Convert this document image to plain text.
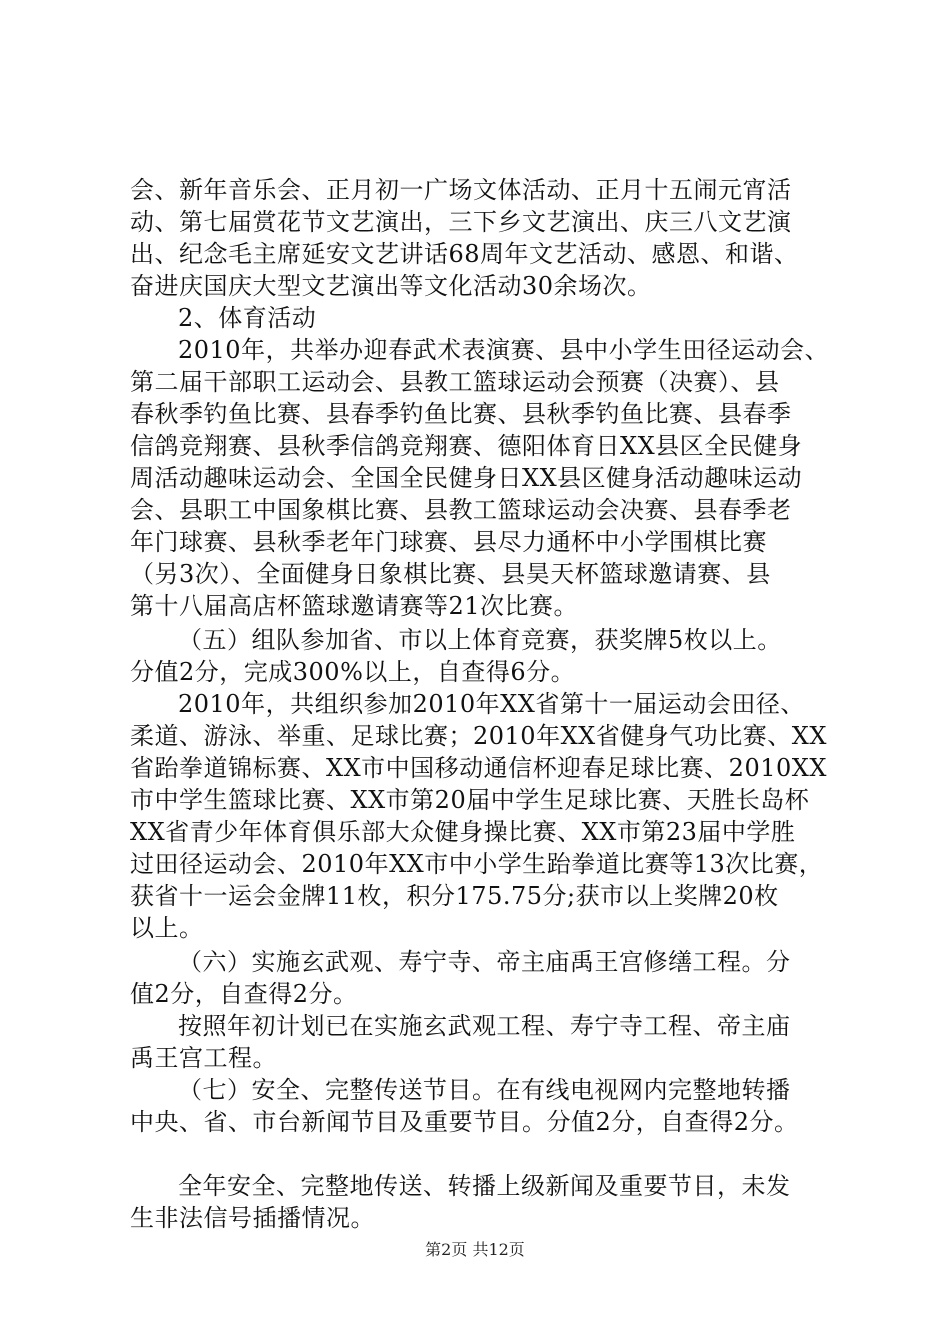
会、新年音乐会、正月初一广场文体活动、正月十五闹元宵活
动、第七届赏花节文艺演出，三下乡文艺演出、庆三八文艺演
出、纪念毛主席延安文艺讲话68周年文艺活动、感恩、和谐、
奋进庆国庆大型文艺演出等文化活动30余场次。
2、体育活动
2010年，共举办迎春武术表演赛、县中小学生田径运动会、
第二届干部职工运动会、县教工篮球运动会预赛（决赛）、县
春秋季钓鱼比赛、县春季钓鱼比赛、县秋季钓鱼比赛、县春季
信鸽竞翔赛、县秋季信鸽竞翔赛、德阳体育日XX县区全民健身
周活动趣味运动会、全国全民健身日XX县区健身活动趣味运动
会、县职工中国象棋比赛、县教工篮球运动会决赛、县春季老
年门球赛、县秋季老年门球赛、县尽力通杯中小学围棋比赛
（另3次）、全面健身日象棋比赛、县昊天杯篮球邀请赛、县
第十八届高店杯篮球邀请赛等21次比赛。
（五）组队参加省、市以上体育竞赛，获奖牌5枚以上。
分值2分，完成300%以上，自查得6分。
2010年，共组织参加2010年XX省第十一届运动会田径、
柔道、游泳、举重、足球比赛；2010年XX省健身气功比赛、XX
省跆拳道锦标赛、XX市中国移动通信杯迎春足球比赛、2010XX
市中学生篮球比赛、XX市第20届中学生足球比赛、天胜长岛杯
XX省青少年体育俱乐部大众健身操比赛、XX市第23届中学胜
过田径运动会、2010年XX市中小学生跆拳道比赛等13次比赛，
获省十一运会金牌11枚，积分175.75分;获市以上奖牌20枚
以上。
（六）实施玄武观、寿宁寺、帝主庙禹王宫修缮工程。分
值2分，自查得2分。
按照年初计划已在实施玄武观工程、寿宁寺工程、帝主庙
禹王宫工程。
（七）安全、完整传送节目。在有线电视网内完整地转播
中央、省、市台新闻节目及重要节目。分值2分，自查得2分。
全年安全、完整地传送、转播上级新闻及重要节目，未发
生非法信号插播情况。
第2页 共12页
